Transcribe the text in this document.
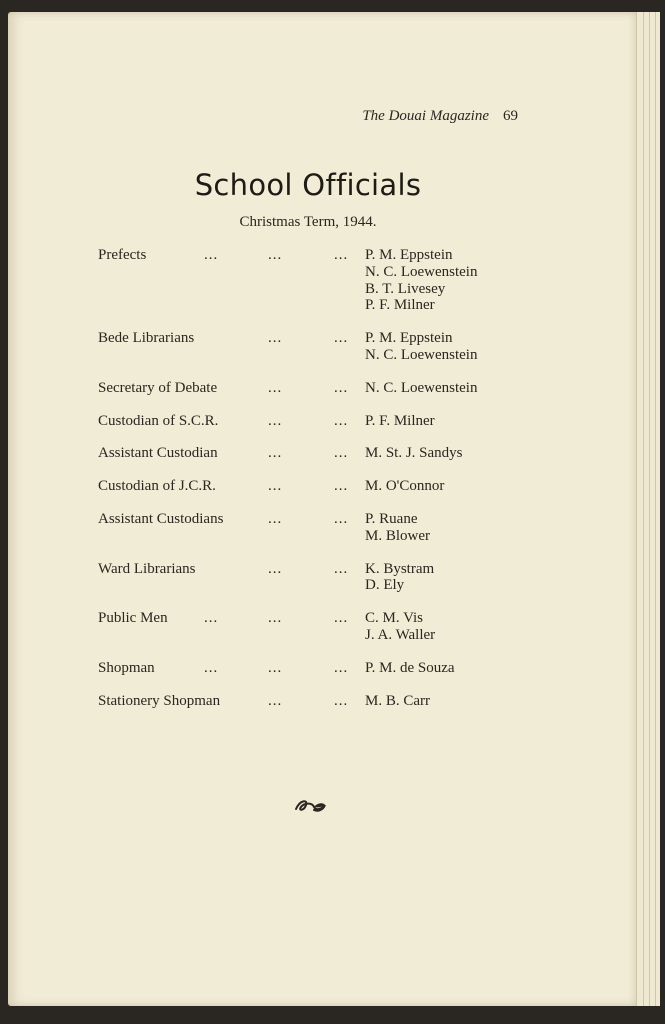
The Douai Magazine 69
School Officials
Christmas Term, 1944.
Prefects	...	...	... P. M. Eppstein
N. C. Loewenstein
B. T. Livesey
P. F. Milner
Bede Librarians	...	... P. M. Eppstein
N. C. Loewenstein
Secretary of Debate	...	... N. C. Loewenstein
Custodian of S.C.R.	...	... P. F. Milner
Assistant Custodian	...	... M. St. J. Sandys
Custodian of J.C.R.	...	... M. O'Connor
Assistant Custodians	...	... P. Ruane
M. Blower
Ward Librarians	...	... K. Bystram
D. Ely
Public Men ...	...	... C. M. Vis
J. A. Waller
Shopman	...	...	... P. M. de Souza
Stationery Shopman	...	... M. B. Carr
